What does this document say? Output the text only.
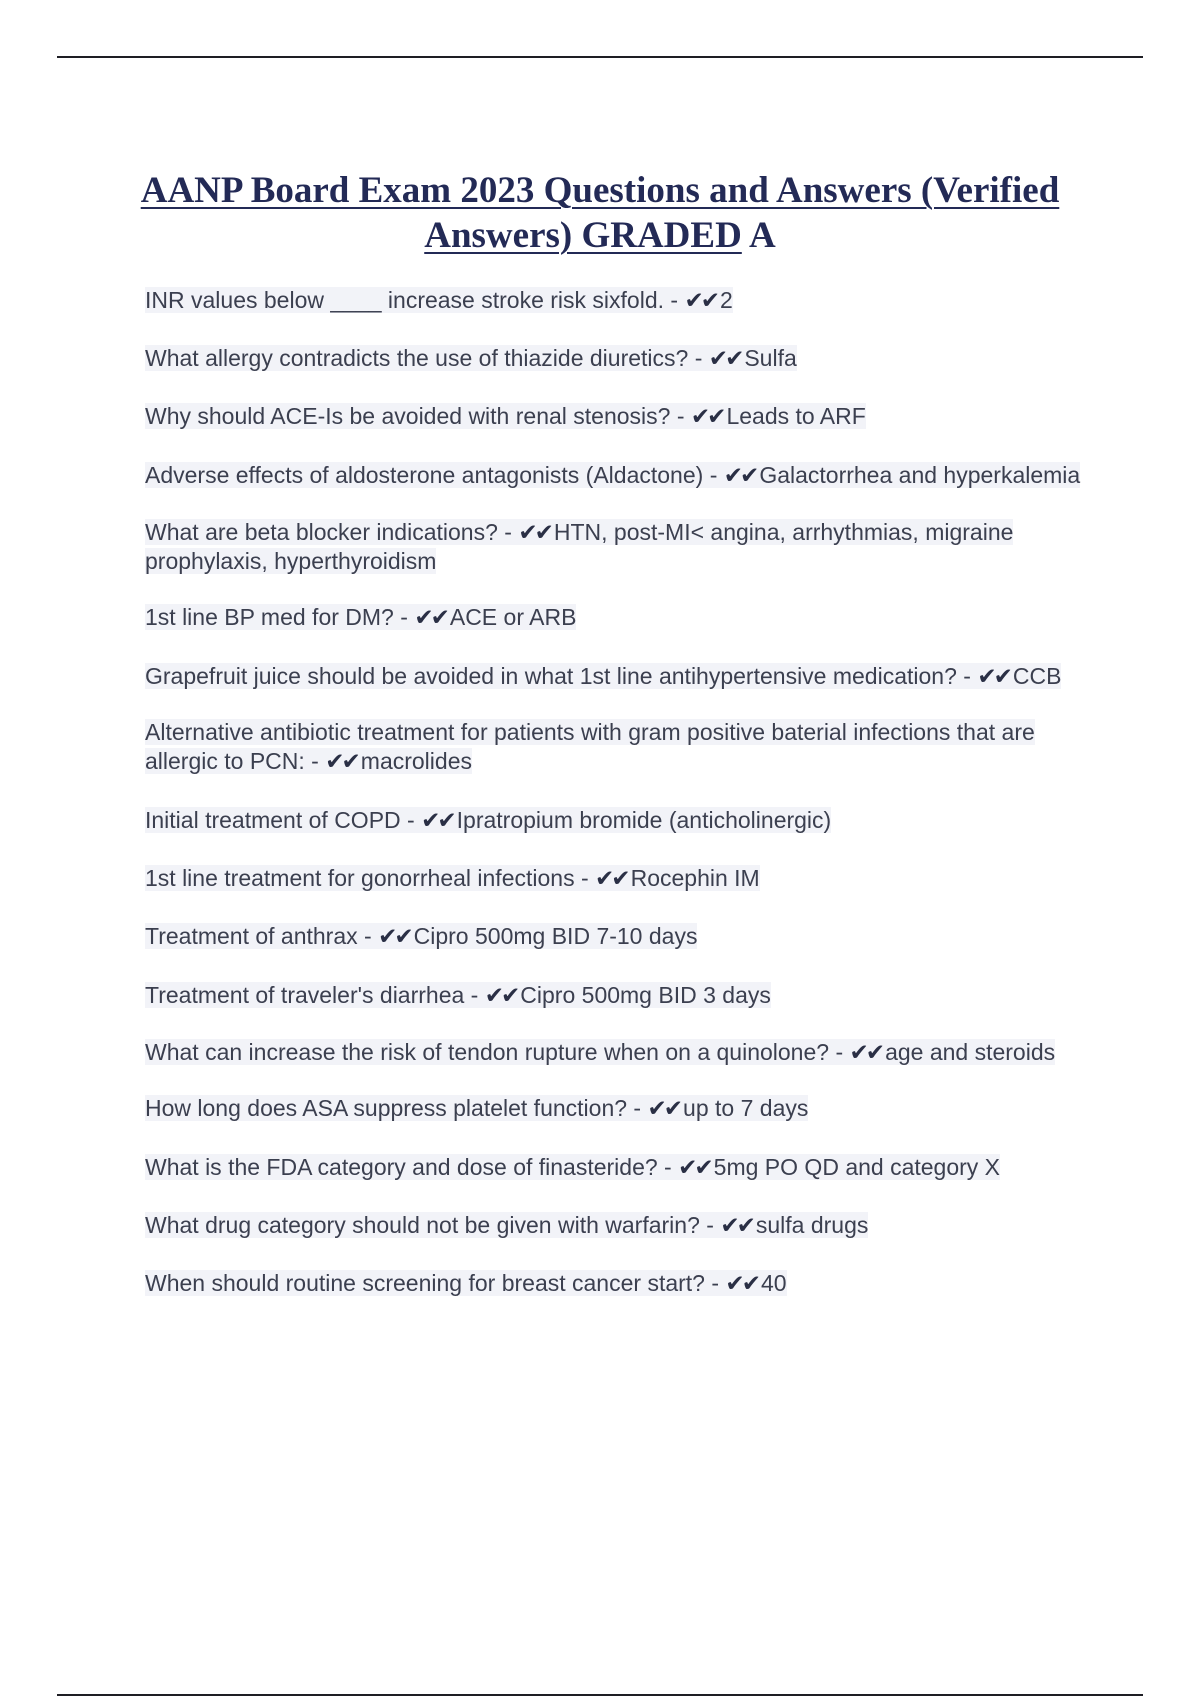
AANP Board Exam 2023 Questions and Answers (Verified Answers) GRADED A
INR values below ____ increase stroke risk sixfold. - ✔✔ 2
What allergy contradicts the use of thiazide diuretics? - ✔✔ Sulfa
Why should ACE-Is be avoided with renal stenosis? - ✔✔ Leads to ARF
Adverse effects of aldosterone antagonists (Aldactone) - ✔✔ Galactorrhea and hyperkalemia
What are beta blocker indications? - ✔✔ HTN, post-MI< angina, arrhythmias, migraine prophylaxis, hyperthyroidism
1st line BP med for DM? - ✔✔ ACE or ARB
Grapefruit juice should be avoided in what 1st line antihypertensive medication? - ✔✔ CCB
Alternative antibiotic treatment for patients with gram positive baterial infections that are allergic to PCN: - ✔✔ macrolides
Initial treatment of COPD - ✔✔ Ipratropium bromide (anticholinergic)
1st line treatment for gonorrheal infections - ✔✔ Rocephin IM
Treatment of anthrax - ✔✔ Cipro 500mg BID 7-10 days
Treatment of traveler's diarrhea - ✔✔ Cipro 500mg BID 3 days
What can increase the risk of tendon rupture when on a quinolone? - ✔✔ age and steroids
How long does ASA suppress platelet function? - ✔✔ up to 7 days
What is the FDA category and dose of finasteride? - ✔✔ 5mg PO QD and category X
What drug category should not be given with warfarin? - ✔✔ sulfa drugs
When should routine screening for breast cancer start? - ✔✔ 40
